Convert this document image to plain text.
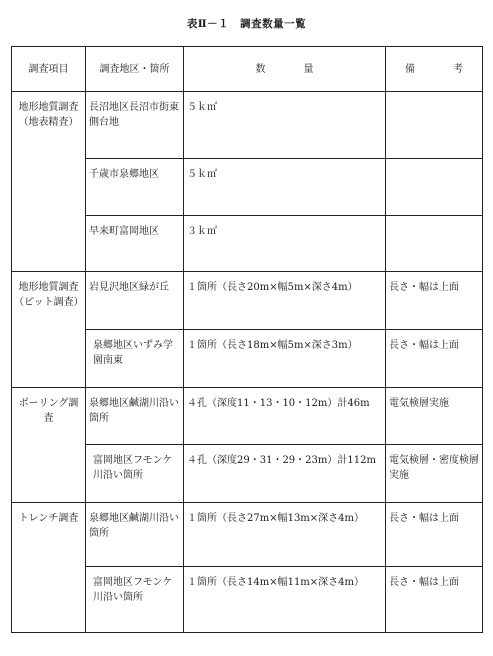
表Ⅱ－１　調査数量一覧
調査項目	調査地区・箇所	数　量	備　考

地形地質調査（地表精査）	長沼地区長沼市街東側台地	５ｋ㎡	

	千歳市泉郷地区	５ｋ㎡	

	早来町富岡地区	３ｋ㎡	

地形地質調査（ピット調査）	岩見沢地区緑が丘	１箇所（長さ20m×幅5m×深さ4m）	長さ・幅は上面

	泉郷地区いずみ学園南東	１箇所（長さ18m×幅5m×深さ3m）	長さ・幅は上面

ボーリング調査	泉郷地区鹹湖川沿い箇所	４孔（深度11・13・10・12m）計46m	電気検層実施

	富岡地区フモンケ川沿い箇所	４孔（深度29・31・29・23m）計112m	電気検層・密度検層実施

トレンチ調査	泉郷地区鹹湖川沿い箇所	１箇所（長さ27m×幅13m×深さ4m）	長さ・幅は上面

	富岡地区フモンケ川沿い箇所	１箇所（長さ14m×幅11m×深さ4m）	長さ・幅は上面
